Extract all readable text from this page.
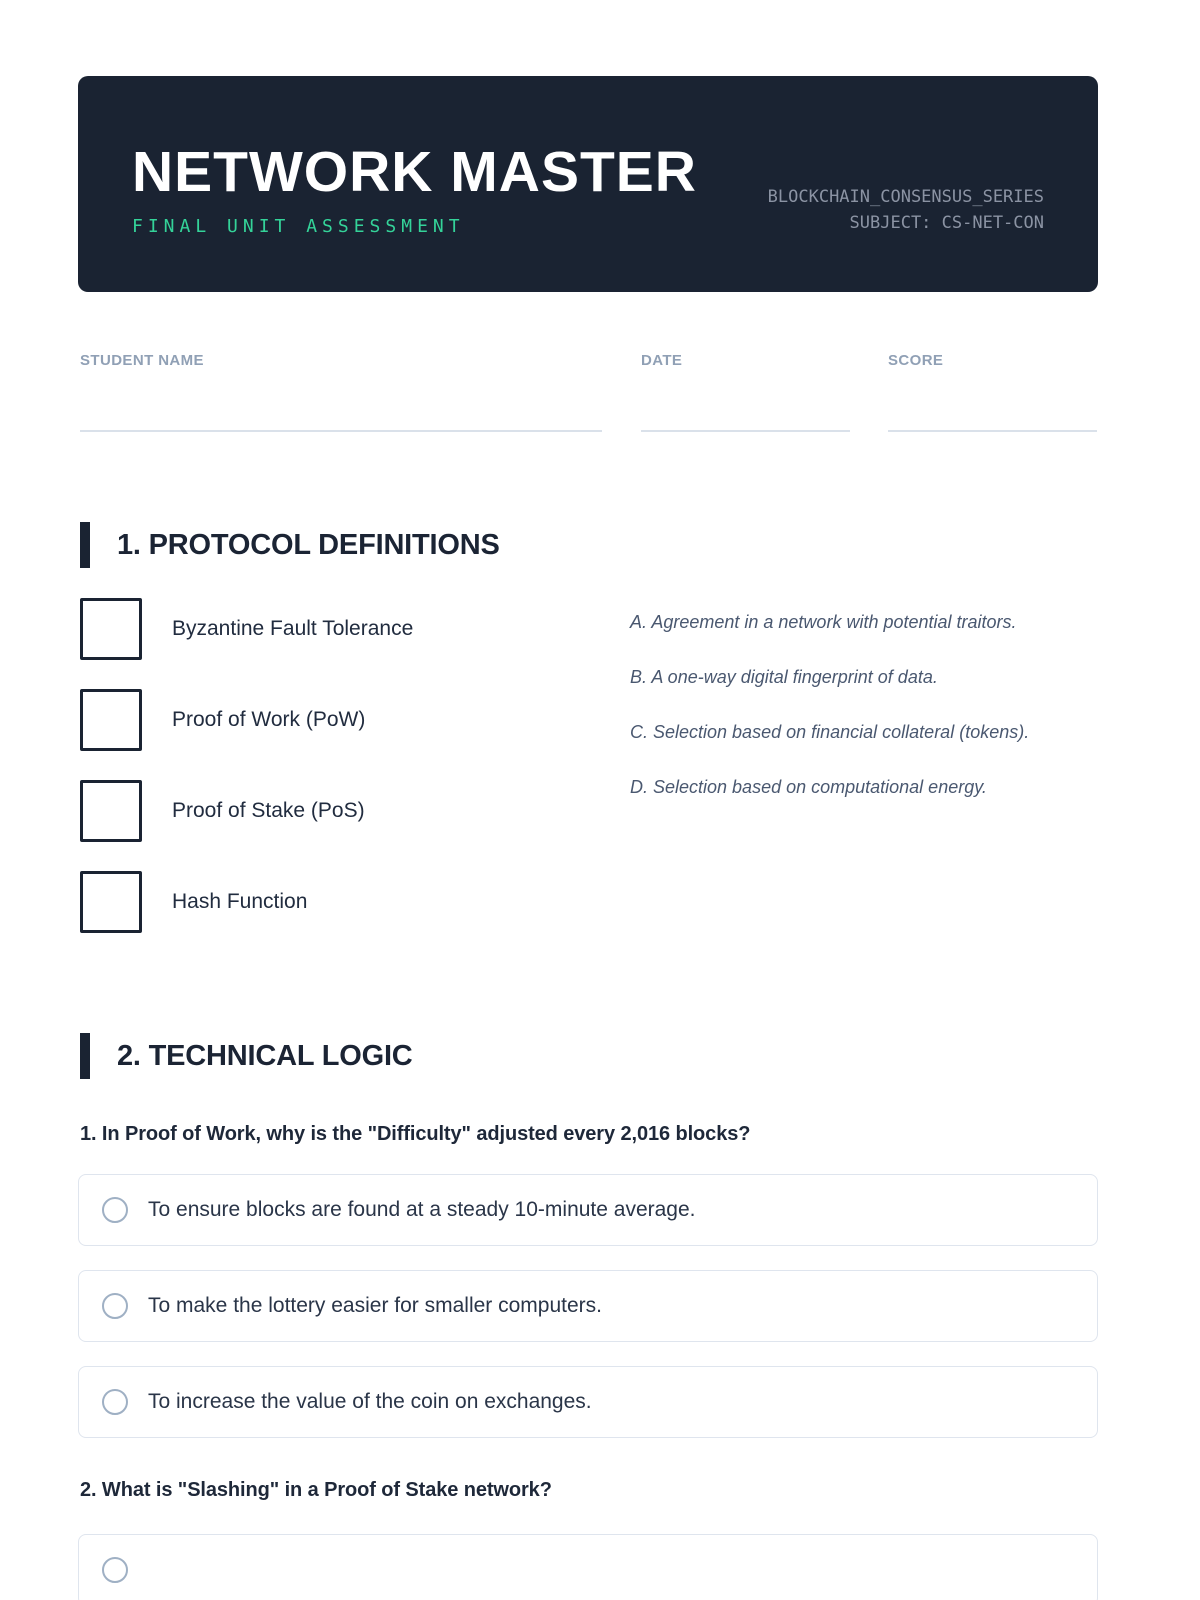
NETWORK MASTER
FINAL UNIT ASSESSMENT
BLOCKCHAIN_CONSENSUS_SERIES
SUBJECT: CS-NET-CON
STUDENT NAME	DATE	SCORE
1. PROTOCOL DEFINITIONS
Byzantine Fault Tolerance
Proof of Work (PoW)
Proof of Stake (PoS)
Hash Function
A. Agreement in a network with potential traitors.
B. A one-way digital fingerprint of data.
C. Selection based on financial collateral (tokens).
D. Selection based on computational energy.
2. TECHNICAL LOGIC
1. In Proof of Work, why is the "Difficulty" adjusted every 2,016 blocks?
To ensure blocks are found at a steady 10-minute average.
To make the lottery easier for smaller computers.
To increase the value of the coin on exchanges.
2. What is "Slashing" in a Proof of Stake network?
